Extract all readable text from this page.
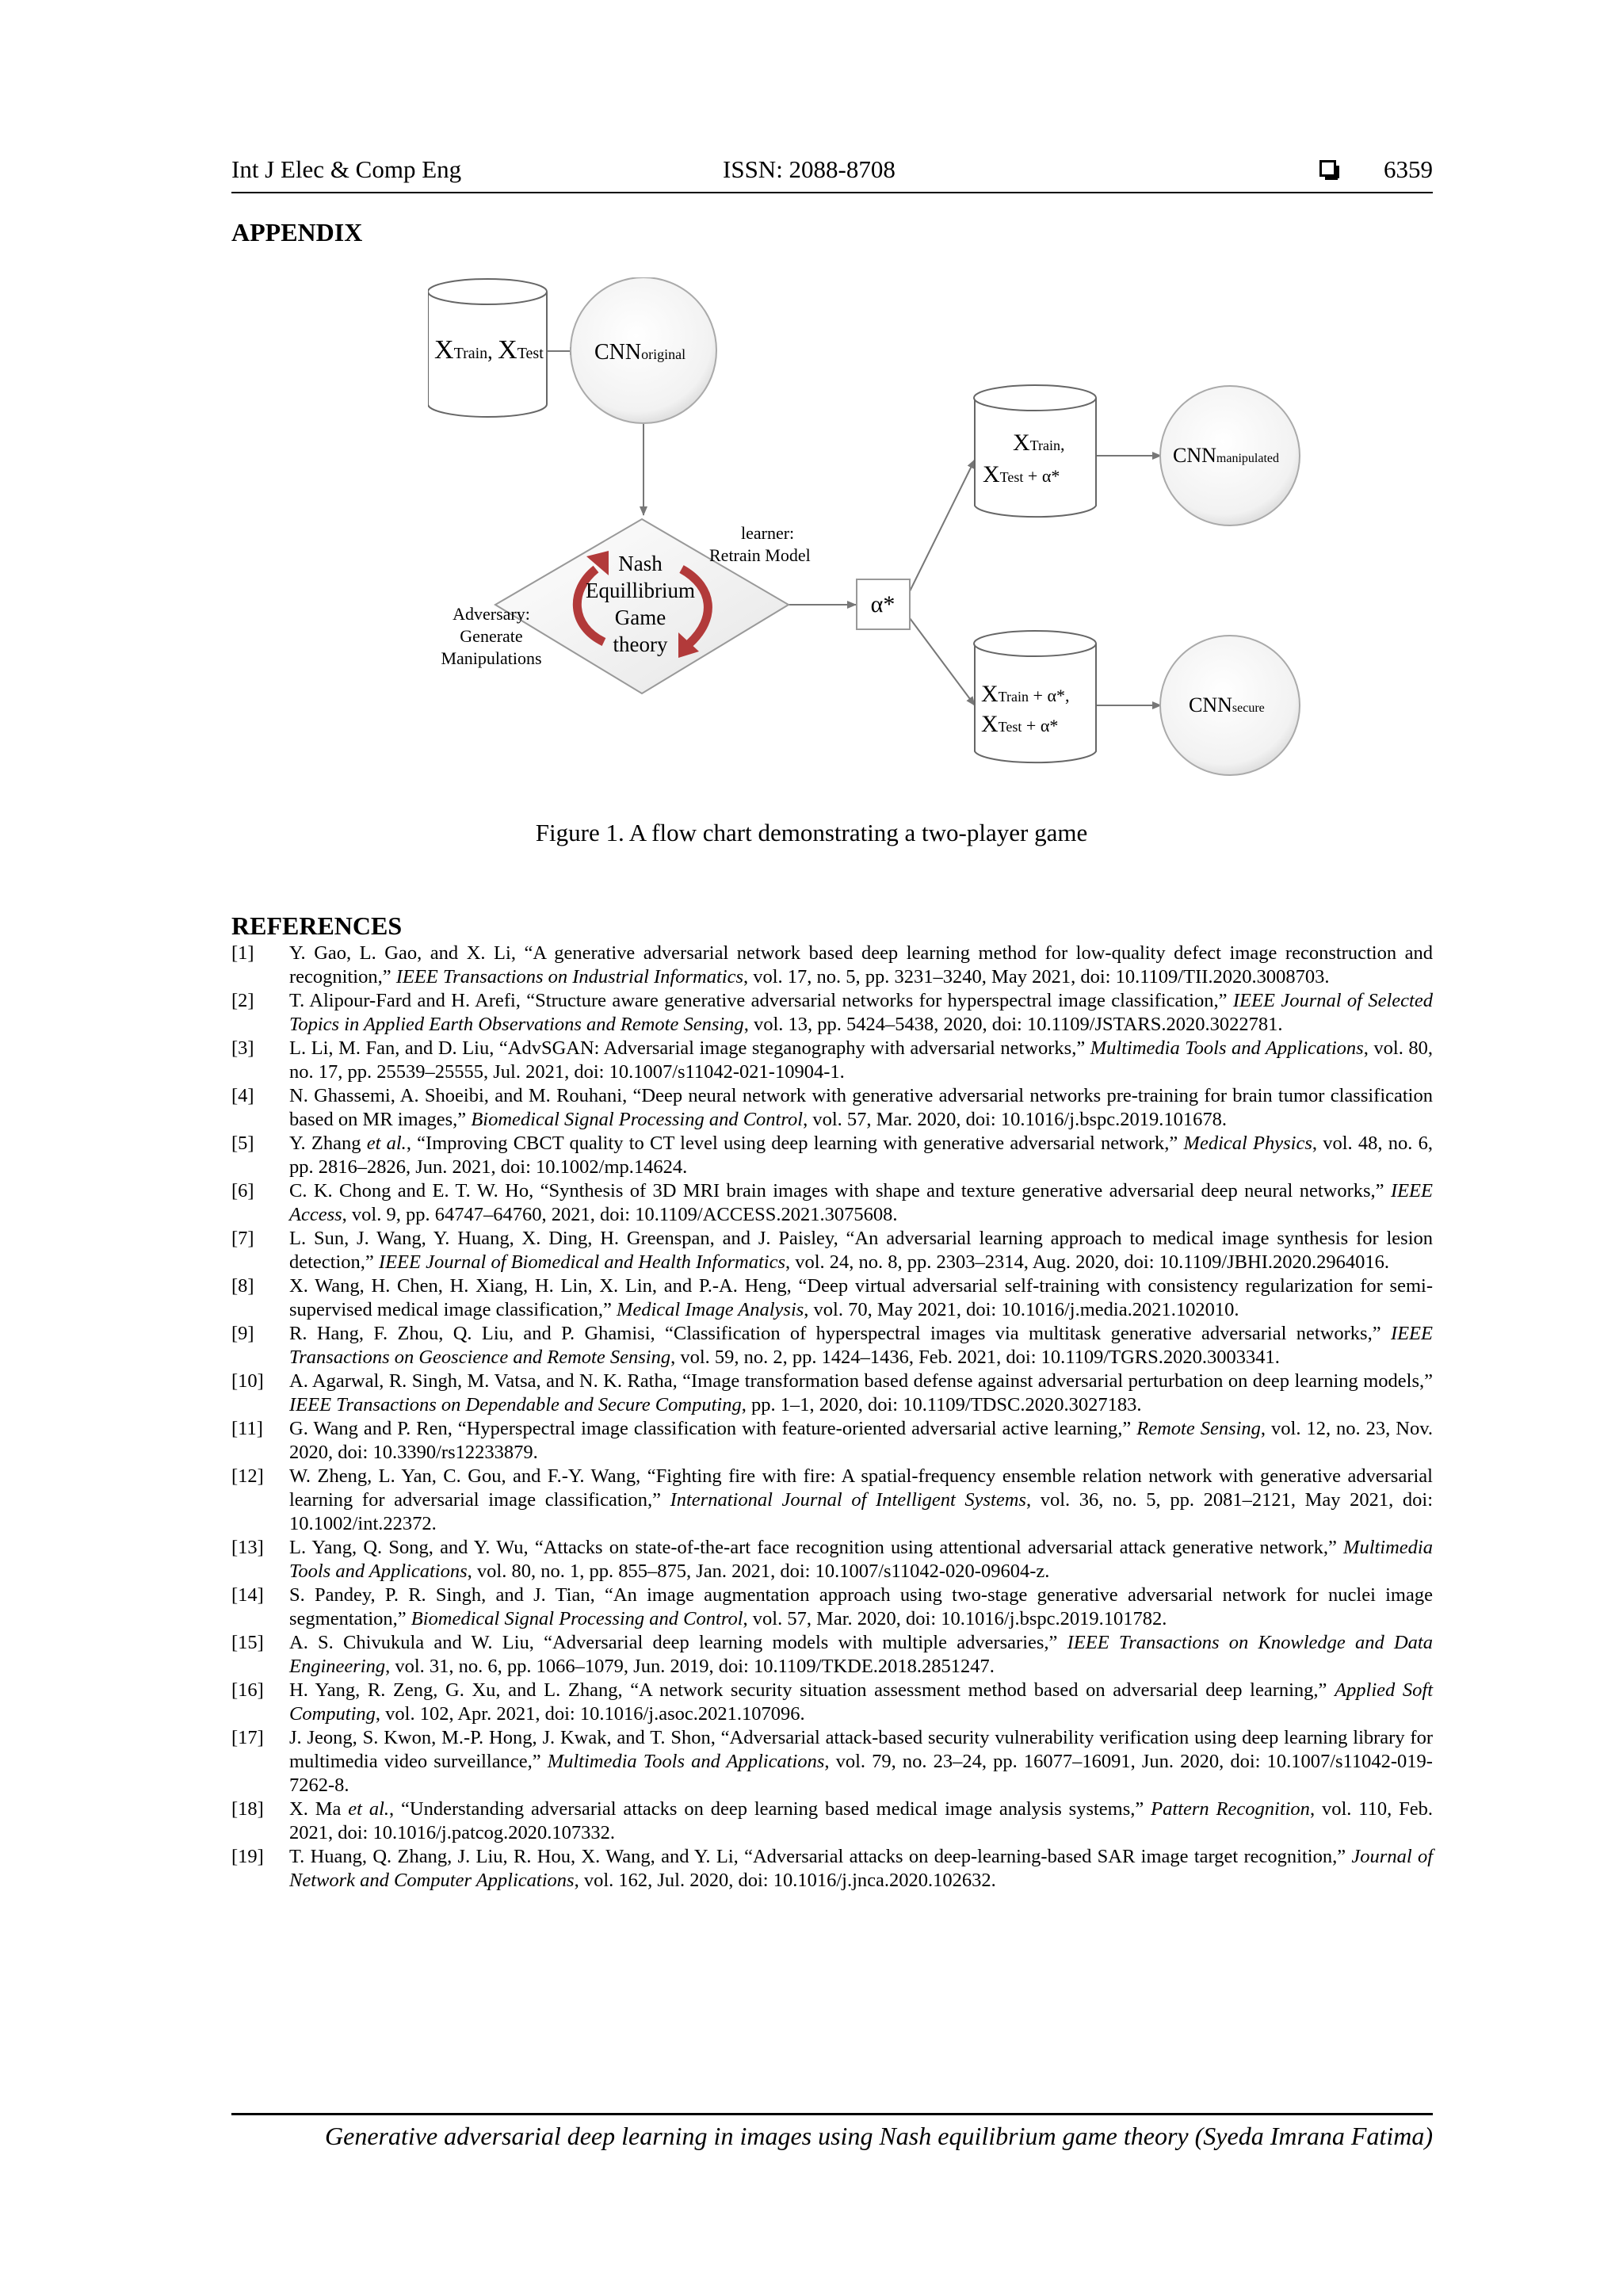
Int J Elec & Comp Eng	ISSN: 2088-8708	6359
APPENDIX
XTrain, XTest CNNoriginal
Nash
Equillibrium
Game
theory
learner:
Retrain Model
Adversary:
Generate
Manipulations
α*
XTrain,
XTest + α*
XTrain + α*,
XTest + α*
CNNmanipulated
CNNsecure
Figure 1. A flow chart demonstrating a two-player game
REFERENCES
[1] Y. Gao, L. Gao, and X. Li, “A generative adversarial network based deep learning method for low-quality defect image reconstruction and recognition,” IEEE Transactions on Industrial Informatics, vol. 17, no. 5, pp. 3231–3240, May 2021, doi: 10.1109/TII.2020.3008703.
[2] T. Alipour-Fard and H. Arefi, “Structure aware generative adversarial networks for hyperspectral image classification,” IEEE Journal of Selected Topics in Applied Earth Observations and Remote Sensing, vol. 13, pp. 5424–5438, 2020, doi: 10.1109/JSTARS.2020.3022781.
[3] L. Li, M. Fan, and D. Liu, “AdvSGAN: Adversarial image steganography with adversarial networks,” Multimedia Tools and Applications, vol. 80, no. 17, pp. 25539–25555, Jul. 2021, doi: 10.1007/s11042-021-10904-1.
[4] N. Ghassemi, A. Shoeibi, and M. Rouhani, “Deep neural network with generative adversarial networks pre-training for brain tumor classification based on MR images,” Biomedical Signal Processing and Control, vol. 57, Mar. 2020, doi: 10.1016/j.bspc.2019.101678.
[5] Y. Zhang et al., “Improving CBCT quality to CT level using deep learning with generative adversarial network,” Medical Physics, vol. 48, no. 6, pp. 2816–2826, Jun. 2021, doi: 10.1002/mp.14624.
[6] C. K. Chong and E. T. W. Ho, “Synthesis of 3D MRI brain images with shape and texture generative adversarial deep neural networks,” IEEE Access, vol. 9, pp. 64747–64760, 2021, doi: 10.1109/ACCESS.2021.3075608.
[7] L. Sun, J. Wang, Y. Huang, X. Ding, H. Greenspan, and J. Paisley, “An adversarial learning approach to medical image synthesis for lesion detection,” IEEE Journal of Biomedical and Health Informatics, vol. 24, no. 8, pp. 2303–2314, Aug. 2020, doi: 10.1109/JBHI.2020.2964016.
[8] X. Wang, H. Chen, H. Xiang, H. Lin, X. Lin, and P.-A. Heng, “Deep virtual adversarial self-training with consistency regularization for semi-supervised medical image classification,” Medical Image Analysis, vol. 70, May 2021, doi: 10.1016/j.media.2021.102010.
[9] R. Hang, F. Zhou, Q. Liu, and P. Ghamisi, “Classification of hyperspectral images via multitask generative adversarial networks,” IEEE Transactions on Geoscience and Remote Sensing, vol. 59, no. 2, pp. 1424–1436, Feb. 2021, doi: 10.1109/TGRS.2020.3003341.
[10] A. Agarwal, R. Singh, M. Vatsa, and N. K. Ratha, “Image transformation based defense against adversarial perturbation on deep learning models,” IEEE Transactions on Dependable and Secure Computing, pp. 1–1, 2020, doi: 10.1109/TDSC.2020.3027183.
[11] G. Wang and P. Ren, “Hyperspectral image classification with feature-oriented adversarial active learning,” Remote Sensing, vol. 12, no. 23, Nov. 2020, doi: 10.3390/rs12233879.
[12] W. Zheng, L. Yan, C. Gou, and F.-Y. Wang, “Fighting fire with fire: A spatial-frequency ensemble relation network with generative adversarial learning for adversarial image classification,” International Journal of Intelligent Systems, vol. 36, no. 5, pp. 2081–2121, May 2021, doi: 10.1002/int.22372.
[13] L. Yang, Q. Song, and Y. Wu, “Attacks on state-of-the-art face recognition using attentional adversarial attack generative network,” Multimedia Tools and Applications, vol. 80, no. 1, pp. 855–875, Jan. 2021, doi: 10.1007/s11042-020-09604-z.
[14] S. Pandey, P. R. Singh, and J. Tian, “An image augmentation approach using two-stage generative adversarial network for nuclei image segmentation,” Biomedical Signal Processing and Control, vol. 57, Mar. 2020, doi: 10.1016/j.bspc.2019.101782.
[15] A. S. Chivukula and W. Liu, “Adversarial deep learning models with multiple adversaries,” IEEE Transactions on Knowledge and Data Engineering, vol. 31, no. 6, pp. 1066–1079, Jun. 2019, doi: 10.1109/TKDE.2018.2851247.
[16] H. Yang, R. Zeng, G. Xu, and L. Zhang, “A network security situation assessment method based on adversarial deep learning,” Applied Soft Computing, vol. 102, Apr. 2021, doi: 10.1016/j.asoc.2021.107096.
[17] J. Jeong, S. Kwon, M.-P. Hong, J. Kwak, and T. Shon, “Adversarial attack-based security vulnerability verification using deep learning library for multimedia video surveillance,” Multimedia Tools and Applications, vol. 79, no. 23–24, pp. 16077–16091, Jun. 2020, doi: 10.1007/s11042-019-7262-8.
[18] X. Ma et al., “Understanding adversarial attacks on deep learning based medical image analysis systems,” Pattern Recognition, vol. 110, Feb. 2021, doi: 10.1016/j.patcog.2020.107332.
[19] T. Huang, Q. Zhang, J. Liu, R. Hou, X. Wang, and Y. Li, “Adversarial attacks on deep-learning-based SAR image target recognition,” Journal of Network and Computer Applications, vol. 162, Jul. 2020, doi: 10.1016/j.jnca.2020.102632.
Generative adversarial deep learning in images using Nash equilibrium game theory (Syeda Imrana Fatima)
